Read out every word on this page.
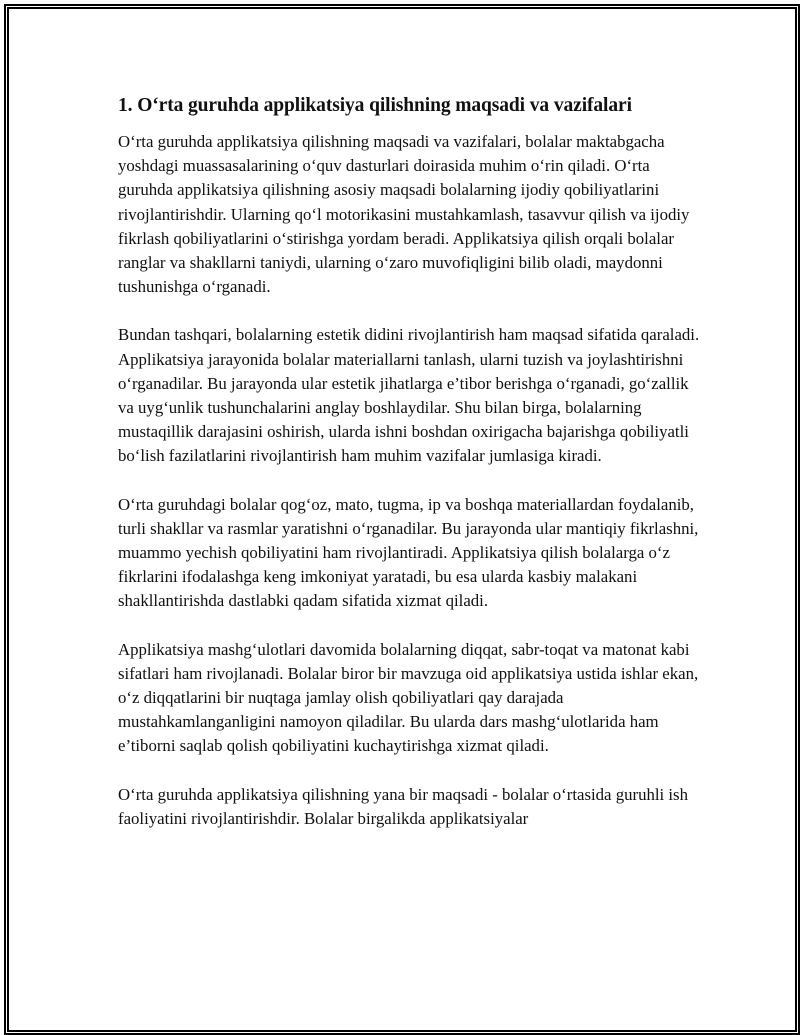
1. O‘rta guruhda applikatsiya qilishning maqsadi va vazifalari

O‘rta guruhda applikatsiya qilishning maqsadi va vazifalari, bolalar maktabgacha yoshdagi muassasalarining o‘quv dasturlari doirasida muhim o‘rin qiladi. O‘rta guruhda applikatsiya qilishning asosiy maqsadi bolalarning ijodiy qobiliyatlarini rivojlantirishdir. Ularning qo‘l motorikasini mustahkamlash, tasavvur qilish va ijodiy fikrlash qobiliyatlarini o‘stirishga yordam beradi. Applikatsiya qilish orqali bolalar ranglar va shakllarni taniydi, ularning o‘zaro muvofiqligini bilib oladi, maydonni tushunishga o‘rganadi.

Bundan tashqari, bolalarning estetik didini rivojlantirish ham maqsad sifatida qaraladi. Applikatsiya jarayonida bolalar materiallarni tanlash, ularni tuzish va joylashtirishni o‘rganadilar. Bu jarayonda ular estetik jihatlarga e’tibor berishga o‘rganadi, go‘zallik va uyg‘unlik tushunchalarini anglay boshlaydilar. Shu bilan birga, bolalarning mustaqillik darajasini oshirish, ularda ishni boshdan oxirigacha bajarishga qobiliyatli bo‘lish fazilatlarini rivojlantirish ham muhim vazifalar jumlasiga kiradi.

O‘rta guruhdagi bolalar qog‘oz, mato, tugma, ip va boshqa materiallardan foydalanib, turli shakllar va rasmlar yaratishni o‘rganadilar. Bu jarayonda ular mantiqiy fikrlashni, muammo yechish qobiliyatini ham rivojlantiradi. Applikatsiya qilish bolalarga o‘z fikrlarini ifodalashga keng imkoniyat yaratadi, bu esa ularda kasbiy malakani shakllantirishda dastlabki qadam sifatida xizmat qiladi.

Applikatsiya mashg‘ulotlari davomida bolalarning diqqat, sabr-toqat va matonat kabi sifatlari ham rivojlanadi. Bolalar biror bir mavzuga oid applikatsiya ustida ishlar ekan, o‘z diqqatlarini bir nuqtaga jamlay olish qobiliyatlari qay darajada mustahkamlanganligini namoyon qiladilar. Bu ularda dars mashg‘ulotlarida ham e’tiborni saqlab qolish qobiliyatini kuchaytirishga xizmat qiladi.

O‘rta guruhda applikatsiya qilishning yana bir maqsadi - bolalar o‘rtasida guruhli ish faoliyatini rivojlantirishdir. Bolalar birgalikda applikatsiyalar
